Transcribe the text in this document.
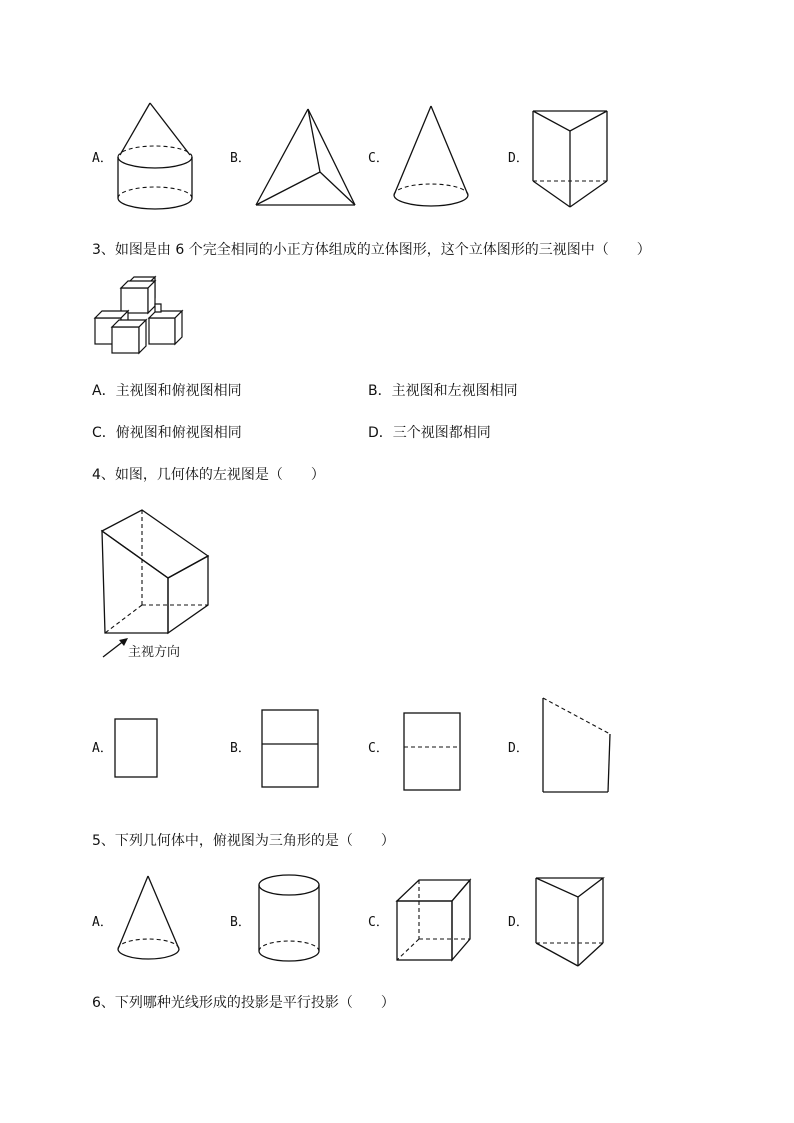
A．	B．	C．	D．
3、如图是由 6 个完全相同的小正方体组成的立体图形，这个立体图形的三视图中（　　）
A．主视图和俯视图相同	B．主视图和左视图相同
C．俯视图和俯视图相同	D．三个视图都相同
4、如图，几何体的左视图是（　　）
主视方向
A．	B．	C．	D．
5、下列几何体中，俯视图为三角形的是（　　）
A．	B．	C．	D．
6、下列哪种光线形成的投影是平行投影（　　）
